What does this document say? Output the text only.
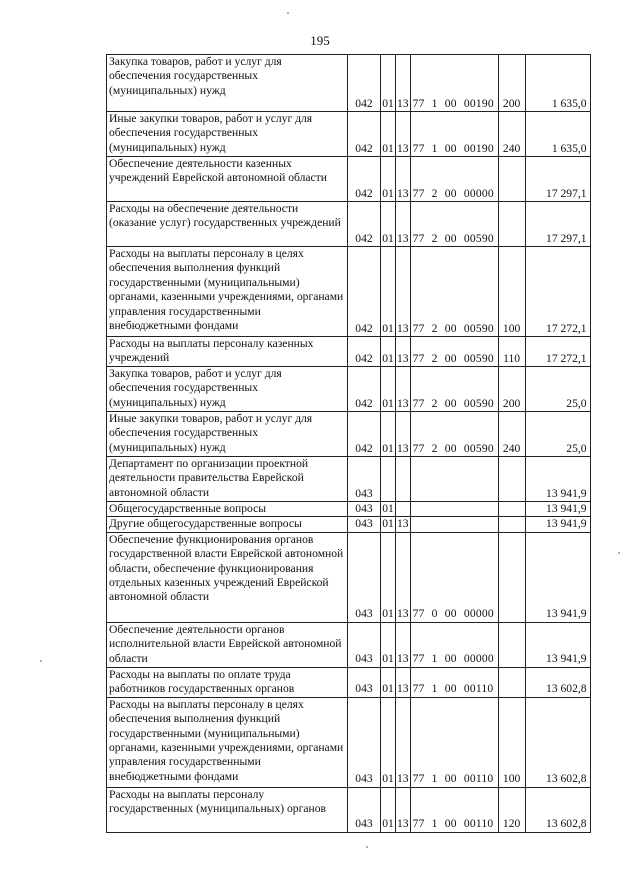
195
Закупка товаров, работ и услуг для обеспечения государственных (муниципальных) нужд	042	01	13	77 1 00 00190	200	1 635,0
Иные закупки товаров, работ и услуг для обеспечения государственных (муниципальных) нужд	042	01	13	77 1 00 00190	240	1 635,0
Обеспечение деятельности казенных учреждений Еврейской автономной области	042	01	13	77 2 00 00000		17 297,1
Расходы на обеспечение деятельности (оказание услуг) государственных учреждений	042	01	13	77 2 00 00590		17 297,1
Расходы на выплаты персоналу в целях обеспечения выполнения функций государственными (муниципальными) органами, казенными учреждениями, органами управления государственными внебюджетными фондами	042	01	13	77 2 00 00590	100	17 272,1
Расходы на выплаты персоналу казенных учреждений	042	01	13	77 2 00 00590	110	17 272,1
Закупка товаров, работ и услуг для обеспечения государственных (муниципальных) нужд	042	01	13	77 2 00 00590	200	25,0
Иные закупки товаров, работ и услуг для обеспечения государственных (муниципальных) нужд	042	01	13	77 2 00 00590	240	25,0
Департамент по организации проектной деятельности правительства Еврейской автономной области	043					13 941,9
Общегосударственные вопросы	043	01				13 941,9
Другие общегосударственные вопросы	043	01	13			13 941,9
Обеспечение функционирования органов государственной власти Еврейской автономной области, обеспечение функционирования отдельных казенных учреждений Еврейской автономной области	043	01	13	77 0 00 00000		13 941,9
Обеспечение деятельности органов исполнительной власти Еврейской автономной области	043	01	13	77 1 00 00000		13 941,9
Расходы на выплаты по оплате труда работников государственных органов	043	01	13	77 1 00 00110		13 602,8
Расходы на выплаты персоналу в целях обеспечения выполнения функций государственными (муниципальными) органами, казенными учреждениями, органами управления государственными внебюджетными фондами	043	01	13	77 1 00 00110	100	13 602,8
Расходы на выплаты персоналу государственных (муниципальных) органов	043	01	13	77 1 00 00110	120	13 602,8
